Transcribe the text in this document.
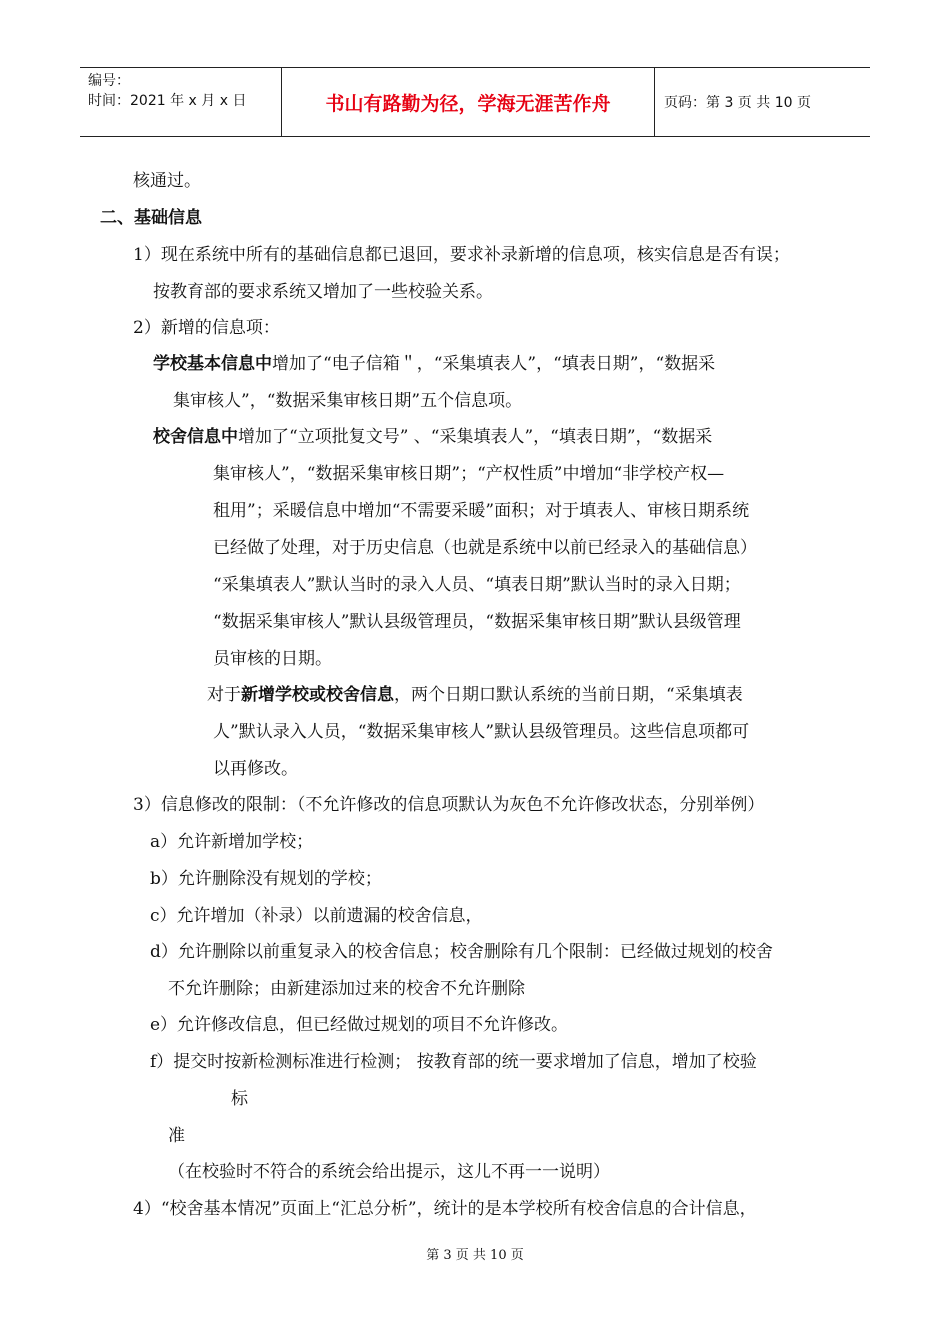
编号：
时间：2021 年 x 月 x 日	书山有路勤为径，学海无涯苦作舟	页码：第 3 页 共 10 页
核通过。
二、基础信息
1）现在系统中所有的基础信息都已退回，要求补录新增的信息项，核实信息是否有误；
按教育部的要求系统又增加了一些校验关系。
2）新增的信息项：
学校基本信息中增加了“电子信箱＂，“采集填表人”，“填表日期”，“数据采
集审核人”，“数据采集审核日期”五个信息项。
校舍信息中增加了“立项批复文号” 、“采集填表人”，“填表日期”，“数据采
集审核人”，“数据采集审核日期”；“产权性质”中增加“非学校产权—
租用”；采暖信息中增加“不需要采暖”面积；对于填表人、审核日期系统
已经做了处理，对于历史信息（也就是系统中以前已经录入的基础信息）
“采集填表人”默认当时的录入人员、“填表日期”默认当时的录入日期；
“数据采集审核人”默认县级管理员，“数据采集审核日期”默认县级管理
员审核的日期。
对于新增学校或校舍信息，两个日期口默认系统的当前日期，“采集填表
人”默认录入人员，“数据采集审核人”默认县级管理员。这些信息项都可
以再修改。
3）信息修改的限制：（不允许修改的信息项默认为灰色不允许修改状态，分别举例）
a）允许新增加学校；
b）允许删除没有规划的学校；
c）允许增加（补录）以前遗漏的校舍信息，
d）允许删除以前重复录入的校舍信息；校舍删除有几个限制：已经做过规划的校舍
不允许删除；由新建添加过来的校舍不允许删除
e）允许修改信息，但已经做过规划的项目不允许修改。
f）提交时按新检测标准进行检测； 按教育部的统一要求增加了信息，增加了校验
标
准
（在校验时不符合的系统会给出提示，这儿不再一一说明）
4）“校舍基本情况”页面上“汇总分析”，统计的是本学校所有校舍信息的合计信息，
第 3 页 共 10 页
